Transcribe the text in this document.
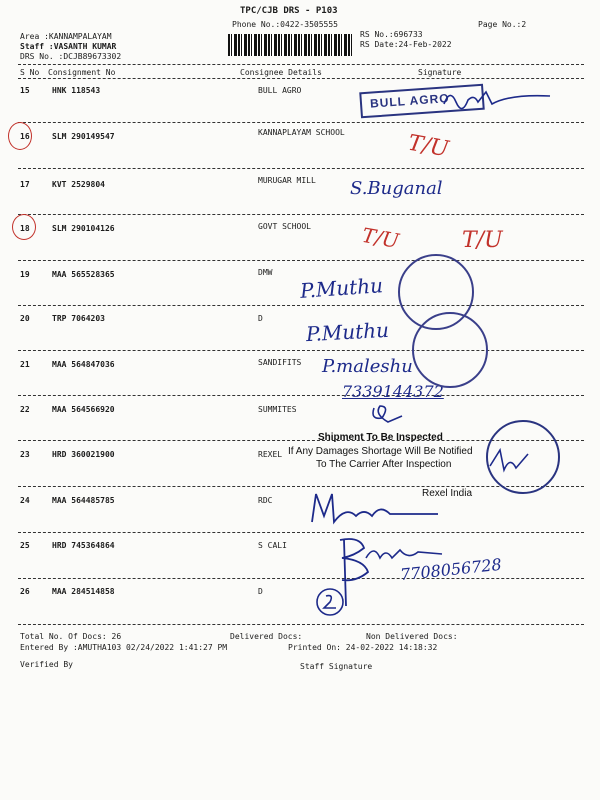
TPC/CJB DRS - P103
Phone No.:0422-3505555	Page No.:2
Area :KANNAMPALAYAM
Staff :VASANTH KUMAR
DRS No. :DCJB89673302
RS No.:696733
RS Date:24-Feb-2022
S No Consignment No	Consignee Details	Signature
15	HNK 118543	BULL AGRO
16	SLM 290149547	KANNAPLAYAM SCHOOL
17	KVT 2529804	MURUGAR MILL
18	SLM 290104126	GOVT SCHOOL
19	MAA 565528365	DMW
20	TRP 7064203	D
21	MAA 564847036	SANDIFITS
22	MAA 564566920	SUMMITES
23	HRD 360021900	REXEL
24	MAA 564485785	RDC
25	HRD 745364864	S CALI
26	MAA 284514858	D
BULL AGRO
T/U
T/U	T/U
S.Buganal
P.Muthu
P.Muthu
P.maleshu
7339144372
Shipment To Be Inspected
If Any Damages Shortage Will Be Notified
To The Carrier After Inspection
Rexel India
7708056728
Total No. Of Docs: 26	Delivered Docs:	Non Delivered Docs:
Entered By :AMUTHA103 02/24/2022 1:41:27 PM	Printed On: 24-02-2022 14:18:32
Verified By	Staff Signature
